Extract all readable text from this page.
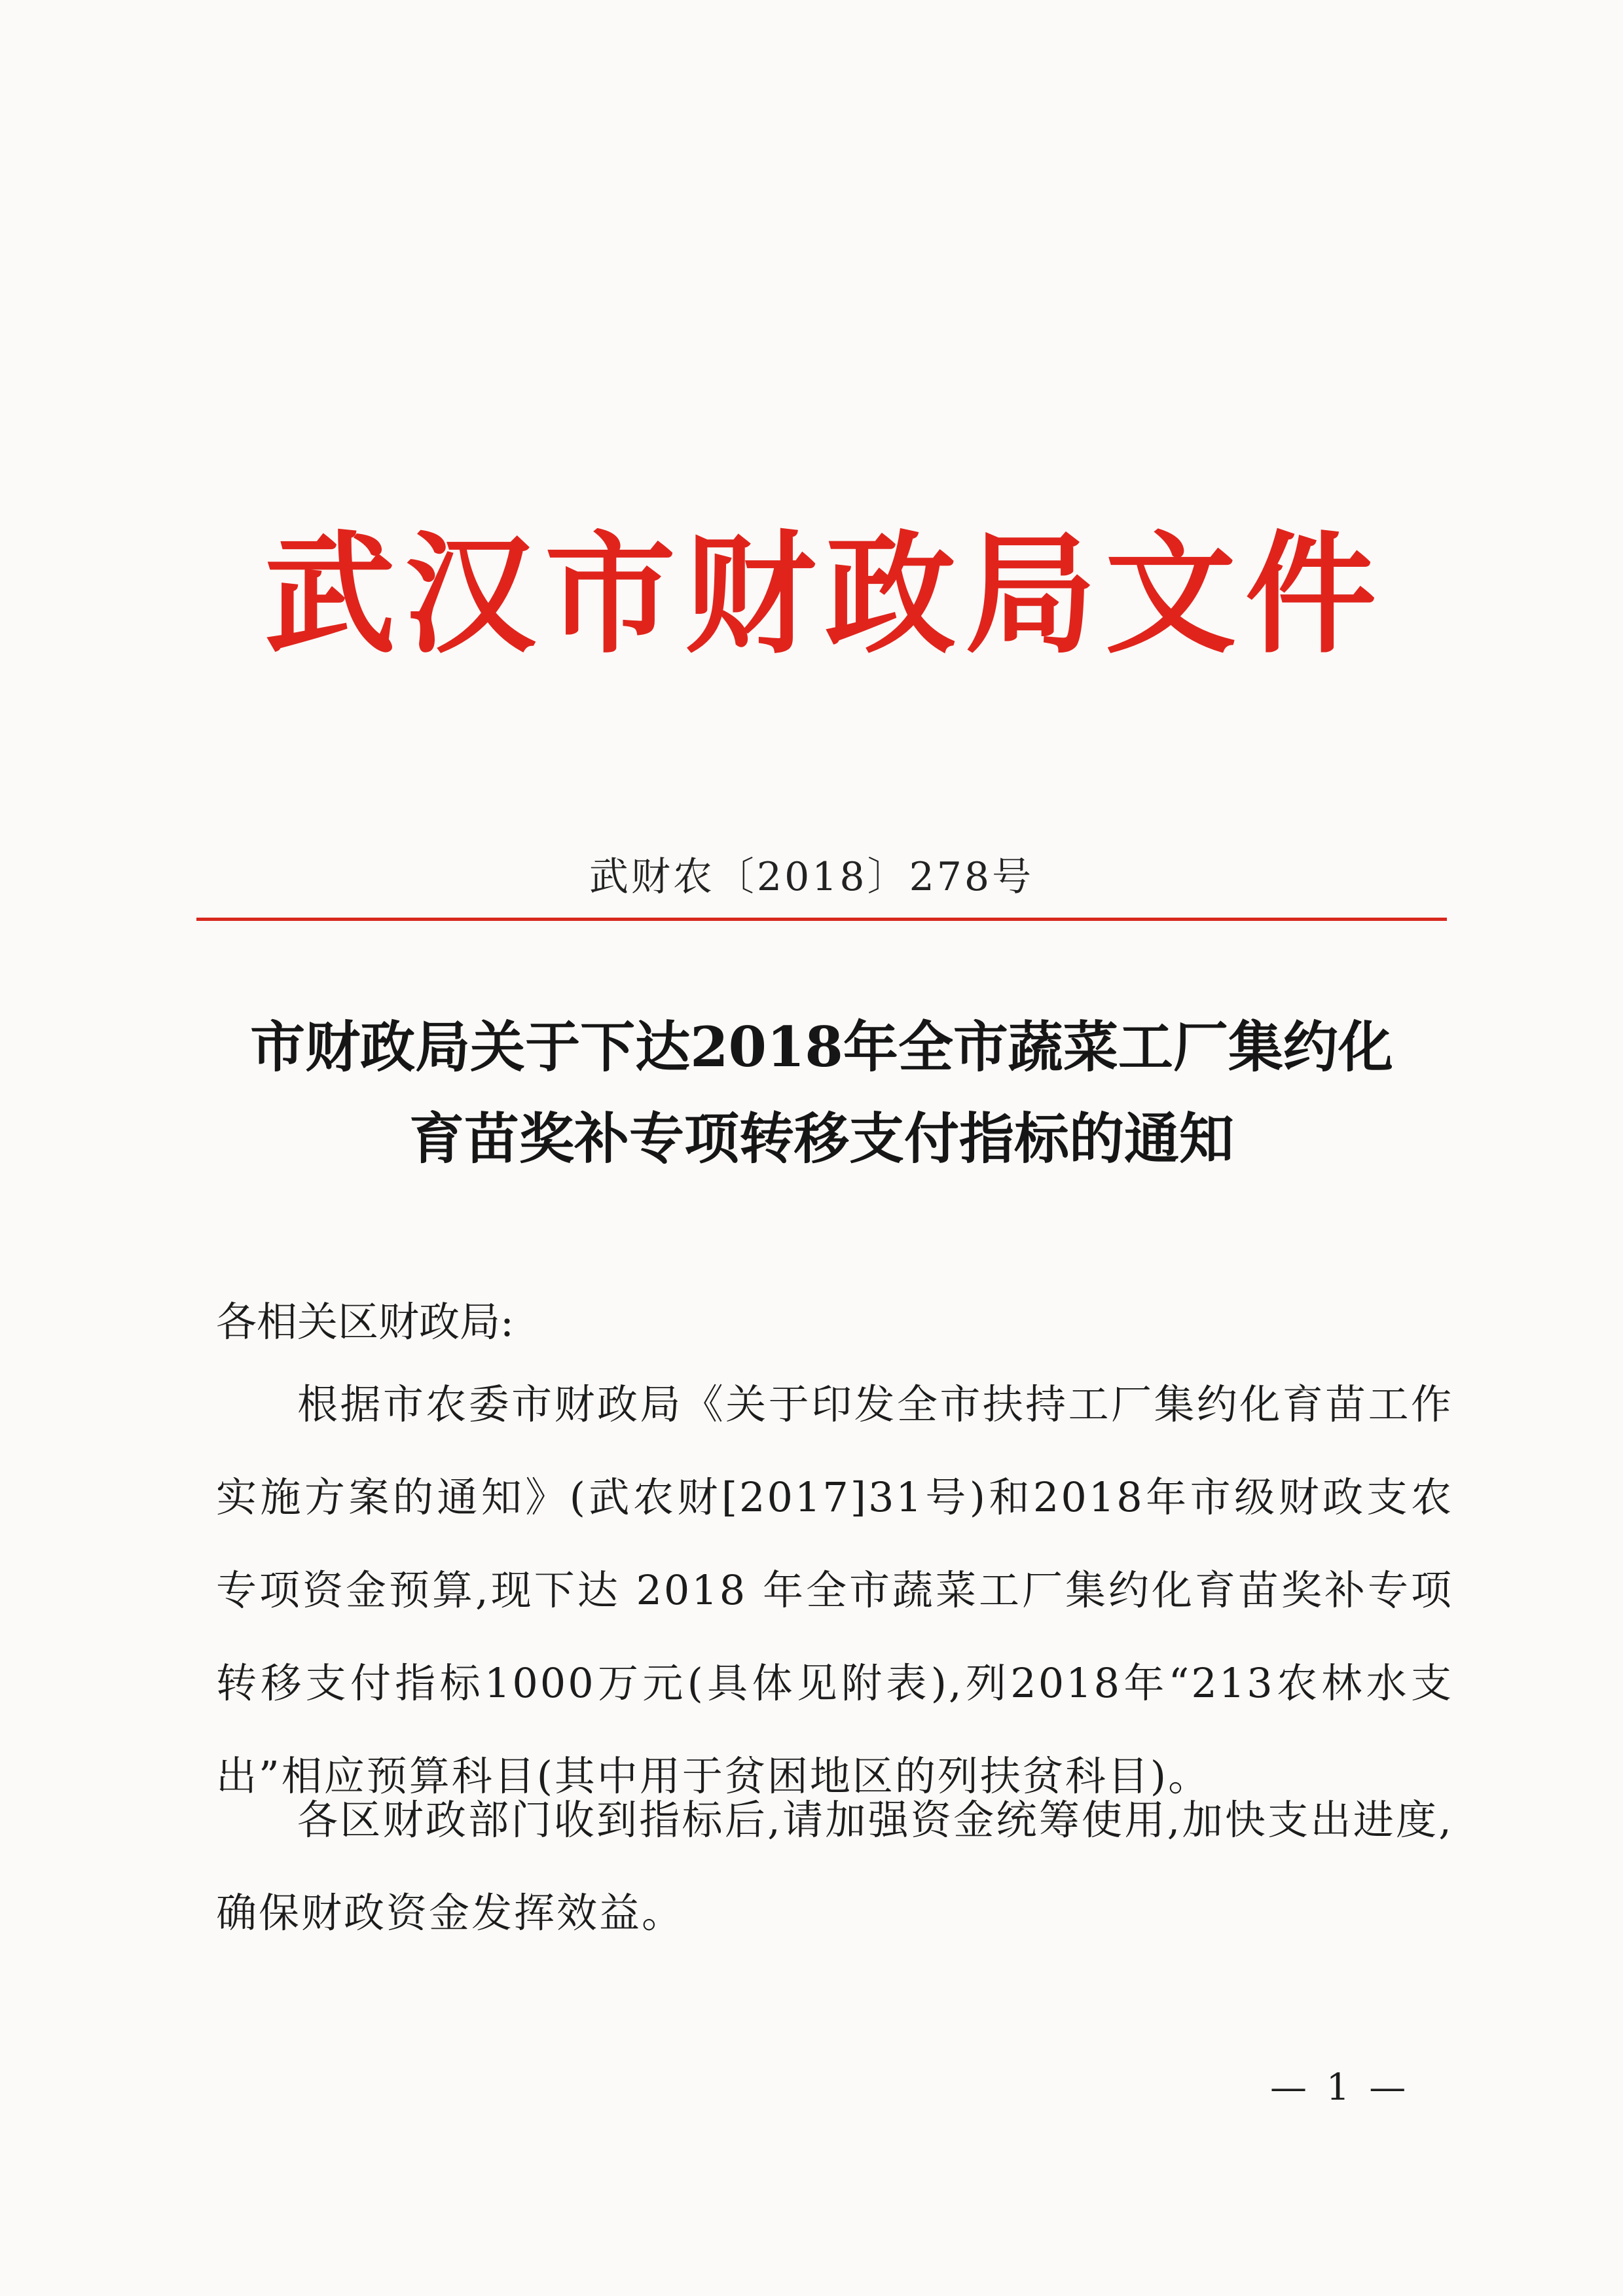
武汉市财政局文件
武财农〔2018〕278号
市财政局关于下达2018年全市蔬菜工厂集约化
育苗奖补专项转移支付指标的通知
各相关区财政局:
根据市农委市财政局《关于印发全市扶持工厂集约化育苗工作实施方案的通知》(武农财[2017]31号)和2018年市级财政支农专项资金预算,现下达 2018 年全市蔬菜工厂集约化育苗奖补专项转移支付指标1000万元(具体见附表),列2018年“213农林水支出”相应预算科目(其中用于贫困地区的列扶贫科目)。
各区财政部门收到指标后,请加强资金统筹使用,加快支出进度,确保财政资金发挥效益。
— 1 —
